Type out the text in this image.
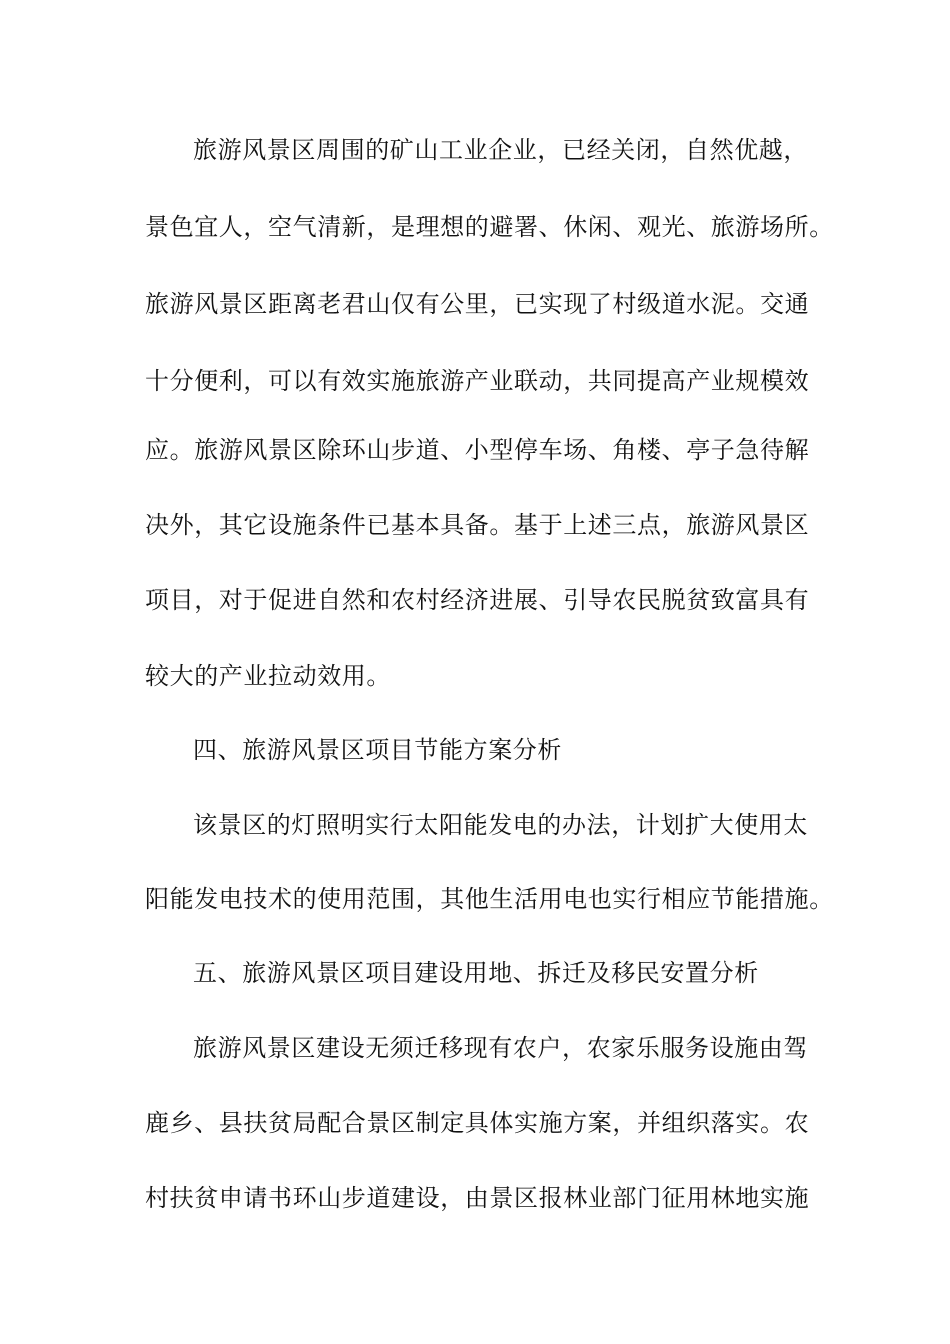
旅游风景区周围的矿山工业企业，已经关闭，自然优越，
景色宜人，空气清新，是理想的避署、休闲、观光、旅游场所。
旅游风景区距离老君山仅有公里，已实现了村级道水泥。交通
十分便利，可以有效实施旅游产业联动，共同提高产业规模效
应。旅游风景区除环山步道、小型停车场、角楼、亭子急待解
决外，其它设施条件已基本具备。基于上述三点，旅游风景区
项目，对于促进自然和农村经济进展、引导农民脱贫致富具有
较大的产业拉动效用。
四、旅游风景区项目节能方案分析
该景区的灯照明实行太阳能发电的办法，计划扩大使用太
阳能发电技术的使用范围，其他生活用电也实行相应节能措施。
五、旅游风景区项目建设用地、拆迁及移民安置分析
旅游风景区建设无须迁移现有农户，农家乐服务设施由驾
鹿乡、县扶贫局配合景区制定具体实施方案，并组织落实。农
村扶贫申请书环山步道建设，由景区报林业部门征用林地实施
